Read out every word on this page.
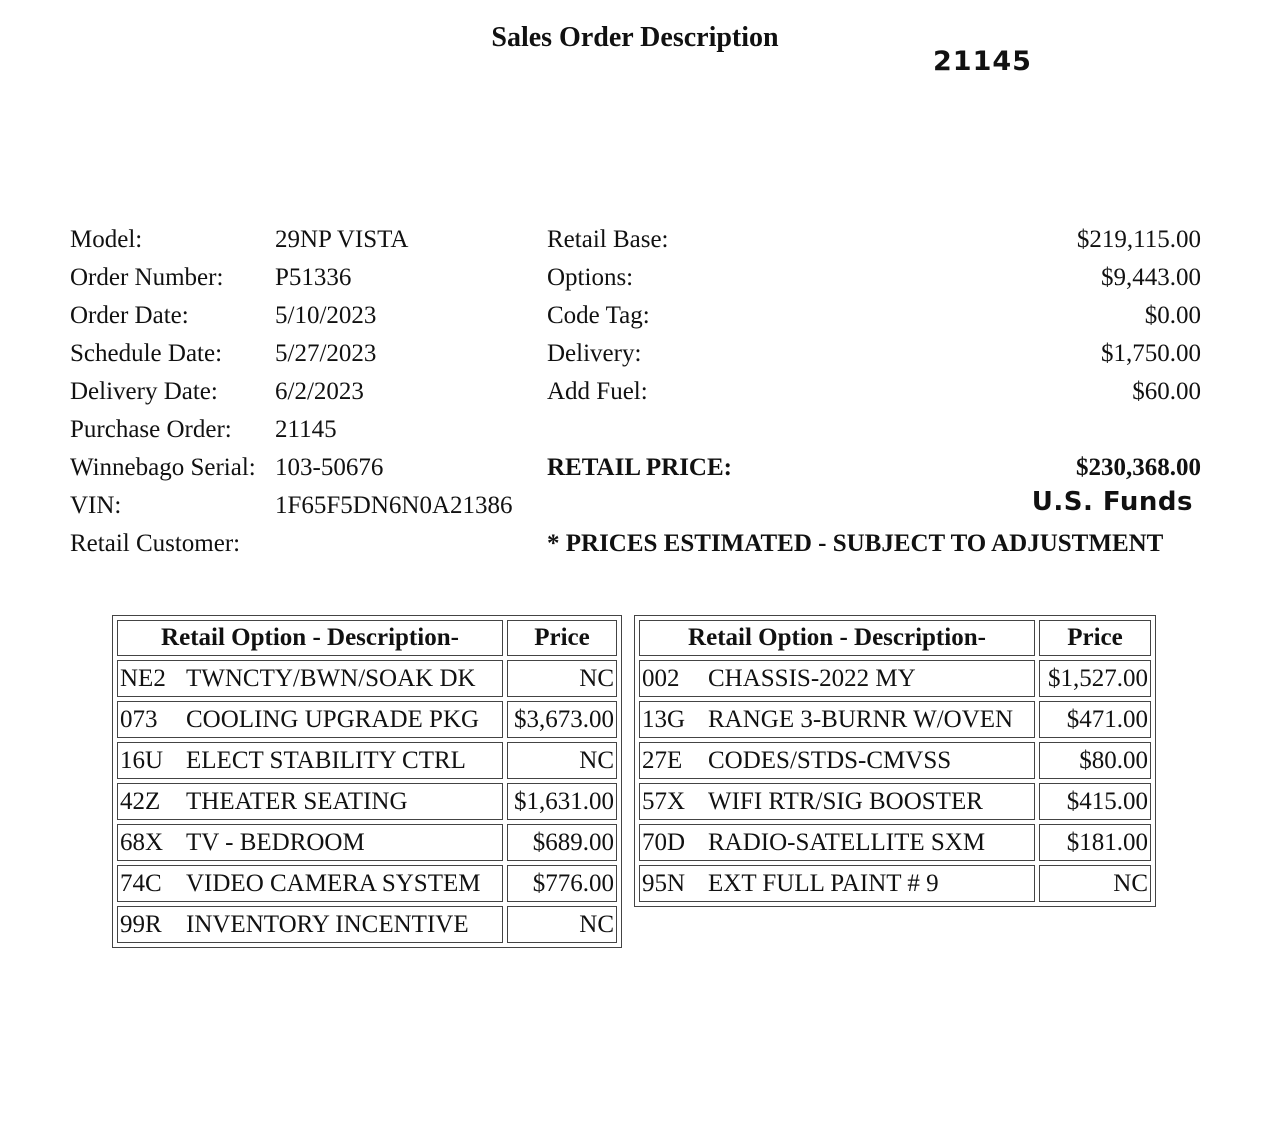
Sales Order Description
21145
Model:	29NP VISTA
Order Number: P51336
Order Date:	5/10/2023
Schedule Date: 5/27/2023
Delivery Date: 6/2/2023
Purchase Order: 21145
Winnebago Serial: 103-50676
VIN:	1F65F5DN6N0A21386
Retail Customer:
Retail Base:	$219,115.00
Options:	$9,443.00
Code Tag:	$0.00
Delivery:	$1,750.00
Add Fuel:	$60.00
RETAIL PRICE:	$230,368.00
U.S. Funds
* PRICES ESTIMATED - SUBJECT TO ADJUSTMENT
Retail Option - Description-	Price
NE2 TWNCTY/BWN/SOAK DK	NC
073 COOLING UPGRADE PKG	$3,673.00
16U ELECT STABILITY CTRL	NC
42Z THEATER SEATING	$1,631.00
68X TV - BEDROOM	$689.00
74C VIDEO CAMERA SYSTEM	$776.00
99R INVENTORY INCENTIVE	NC
Retail Option - Description-	Price
002 CHASSIS-2022 MY	$1,527.00
13G RANGE 3-BURNR W/OVEN	$471.00
27E CODES/STDS-CMVSS	$80.00
57X WIFI RTR/SIG BOOSTER	$415.00
70D RADIO-SATELLITE SXM	$181.00
95N EXT FULL PAINT # 9	NC
